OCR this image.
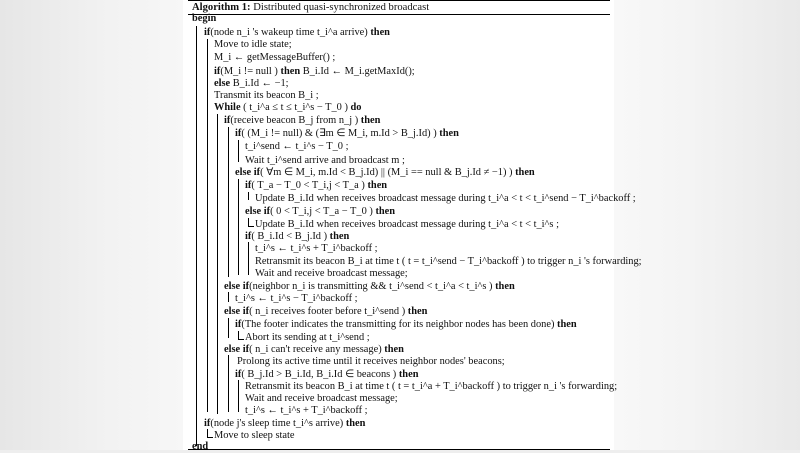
Algorithm 1: Distributed quasi-synchronized broadcast
begin
if(node n_i 's wakeup time t_i^a arrive) then
Move to idle state;
M_i ← getMessageBuffer() ;
if(M_i != null ) then B_i.Id ← M_i.getMaxId();
else B_i.Id ← −1;
Transmit its beacon B_i ;
While ( t_i^a ≤ t ≤ t_i^s − T_0 ) do
if(receive beacon B_j from n_j ) then
if( (M_i != null) & (∃m ∈ M_i, m.Id > B_j.Id) ) then
t_i^send ← t_i^s − T_0 ;
Wait t_i^send arrive and broadcast m ;
else if( ∀m ∈ M_i, m.Id < B_j.Id) || (M_i == null & B_j.Id ≠ −1) ) then
if( T_a − T_0 < T_i,j < T_a ) then
Update B_i.Id when receives broadcast message during t_i^a < t < t_i^send − T_i^backoff ;
else if( 0 < T_i,j < T_a − T_0 ) then
Update B_i.Id when receives broadcast message during t_i^a < t < t_i^s ;
if( B_i.Id < B_j.Id ) then
t_i^s ← t_i^s + T_i^backoff ;
Retransmit its beacon B_i at time t ( t = t_i^send − T_i^backoff ) to trigger n_i 's forwarding;
Wait and receive broadcast message;
else if(neighbor n_i is transmitting && t_i^send < t_i^a < t_i^s ) then
t_i^s ← t_i^s − T_i^backoff ;
else if( n_i receives footer before t_i^send ) then
if(The footer indicates the transmitting for its neighbor nodes has been done) then
Abort its sending at t_i^send ;
else if( n_i can't receive any message) then
Prolong its active time until it receives neighbor nodes' beacons;
if( B_j.Id > B_i.Id, B_i.Id ∈ beacons ) then
Retransmit its beacon B_i at time t ( t = t_i^a + T_i^backoff ) to trigger n_i 's forwarding;
Wait and receive broadcast message;
t_i^s ← t_i^s + T_i^backoff ;
if(node j's sleep time t_i^s arrive) then
Move to sleep state
end
